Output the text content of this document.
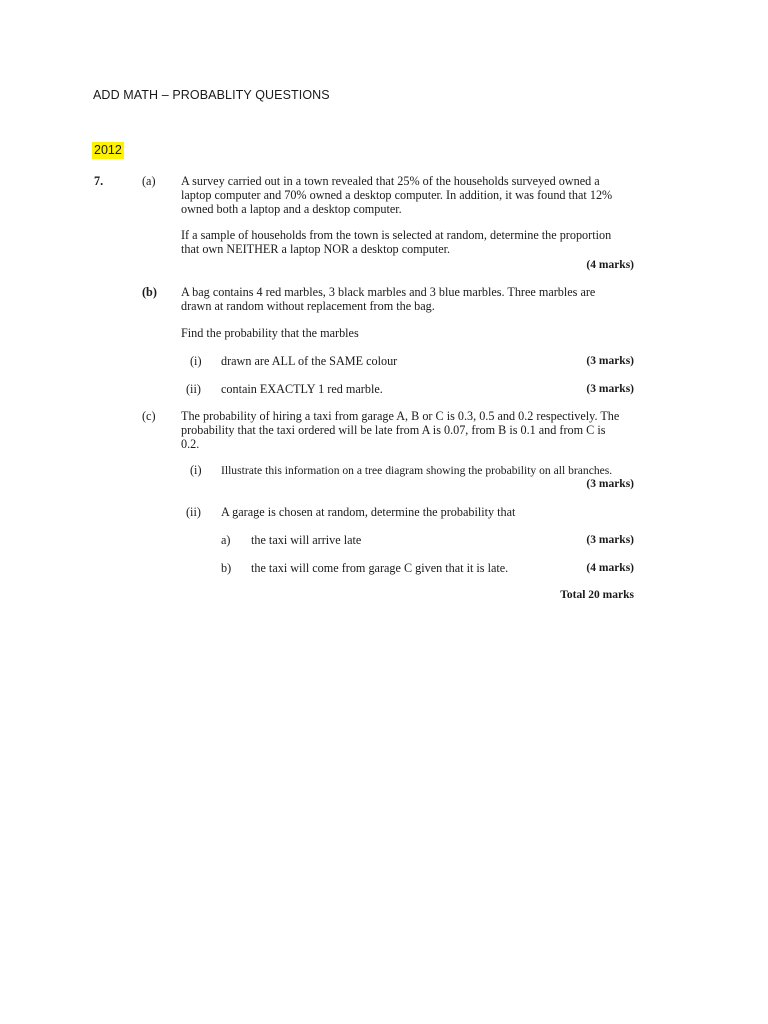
ADD MATH – PROBABLITY QUESTIONS
2012
7.	(a) A survey carried out in a town revealed that 25% of the households surveyed owned a
laptop computer and 70% owned a desktop computer. In addition, it was found that 12%
owned both a laptop and a desktop computer.
If a sample of households from the town is selected at random, determine the proportion
that own NEITHER a laptop NOR a desktop computer.
(4 marks)
(b) A bag contains 4 red marbles, 3 black marbles and 3 blue marbles. Three marbles are
drawn at random without replacement from the bag.
Find the probability that the marbles
(i) drawn are ALL of the SAME colour	(3 marks)
(ii) contain EXACTLY 1 red marble.	(3 marks)
(c) The probability of hiring a taxi from garage A, B or C is 0.3, 0.5 and 0.2 respectively. The
probability that the taxi ordered will be late from A is 0.07, from B is 0.1 and from C is
0.2.
(i) Illustrate this information on a tree diagram showing the probability on all branches.
(3 marks)
(ii) A garage is chosen at random, determine the probability that
a) the taxi will arrive late	(3 marks)
b) the taxi will come from garage C given that it is late.	(4 marks)
Total 20 marks
